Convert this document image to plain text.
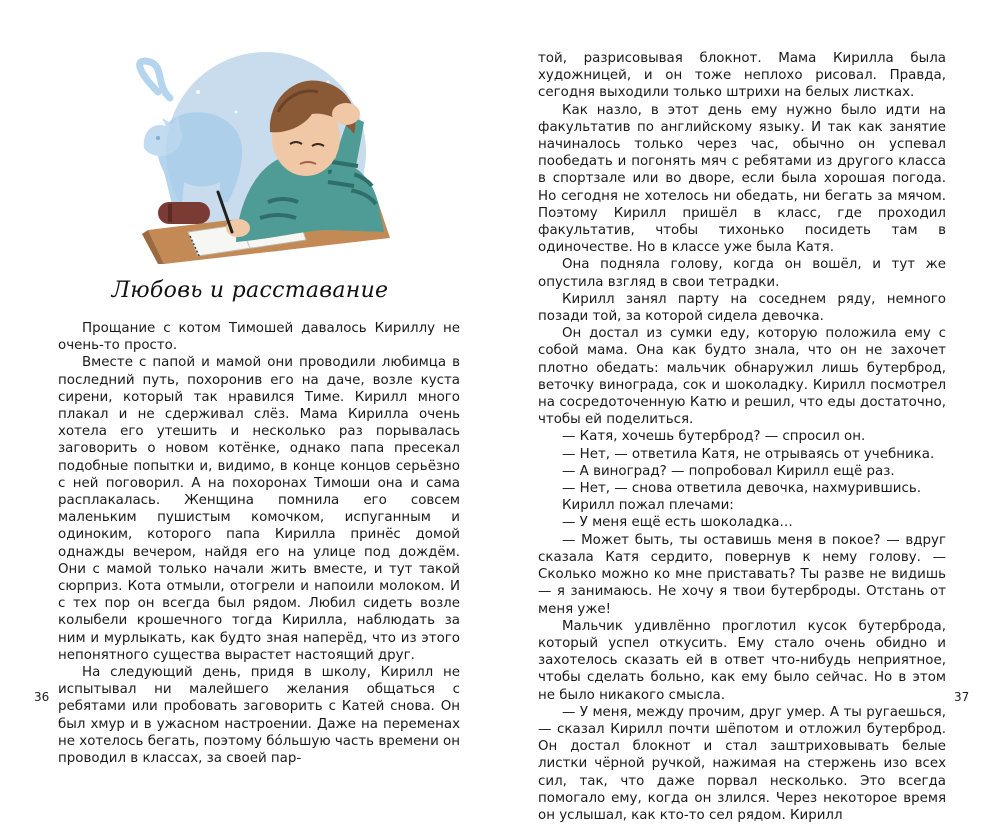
Любовь и расставание

Прощание с котом Тимошей давалось Кириллу не очень-то просто.

Вместе с папой и мамой они проводили любимца в последний путь, похоронив его на даче, возле куста сирени, который так нравился Тиме. Кирилл много плакал и не сдерживал слёз. Мама Кирилла очень хотела его утешить и несколько раз порывалась заговорить о новом котёнке, однако папа пресекал подобные попытки и, видимо, в конце концов серьёзно с ней поговорил. А на похоронах Тимоши она и сама расплакалась. Женщина помнила его совсем маленьким пушистым комочком, испуганным и одиноким, которого папа Кирилла принёс домой однажды вечером, найдя его на улице под дождём. Они с мамой только начали жить вместе, и тут такой сюрприз. Кота отмыли, отогрели и напоили молоком. И с тех пор он всегда был рядом. Любил сидеть возле колыбели крошечного тогда Кирилла, наблюдать за ним и мурлыкать, как будто зная наперёд, что из этого непонятного существа вырастет настоящий друг.

На следующий день, придя в школу, Кирилл не испытывал ни малейшего желания общаться с ребятами или пробовать заговорить с Катей снова. Он был хмур и в ужасном настроении. Даже на переменах не хотелось бегать, поэтому бóльшую часть времени он проводил в классах, за своей пар-

36

той, разрисовывая блокнот. Мама Кирилла была художницей, и он тоже неплохо рисовал. Правда, сегодня выходили только штрихи на белых листках.

Как назло, в этот день ему нужно было идти на факультатив по английскому языку. И так как занятие начиналось только через час, обычно он успевал пообедать и погонять мяч с ребятами из другого класса в спортзале или во дворе, если была хорошая погода. Но сегодня не хотелось ни обедать, ни бегать за мячом. Поэтому Кирилл пришёл в класс, где проходил факультатив, чтобы тихонько посидеть там в одиночестве. Но в классе уже была Катя.

Она подняла голову, когда он вошёл, и тут же опустила взгляд в свои тетрадки.

Кирилл занял парту на соседнем ряду, немного позади той, за которой сидела девочка.

Он достал из сумки еду, которую положила ему с собой мама. Она как будто знала, что он не захочет плотно обедать: мальчик обнаружил лишь бутерброд, веточку винограда, сок и шоколадку. Кирилл посмотрел на сосредоточенную Катю и решил, что еды достаточно, чтобы ей поделиться.

— Катя, хочешь бутерброд? — спросил он.

— Нет, — ответила Катя, не отрываясь от учебника.

— А виноград? — попробовал Кирилл ещё раз.

— Нет, — снова ответила девочка, нахмурившись.

Кирилл пожал плечами:

— У меня ещё есть шоколадка…

— Может быть, ты оставишь меня в покое? — вдруг сказала Катя сердито, повернув к нему голову. — Сколько можно ко мне приставать? Ты разве не видишь — я занимаюсь. Не хочу я твои бутерброды. Отстань от меня уже!

Мальчик удивлённо проглотил кусок бутерброда, который успел откусить. Ему стало очень обидно и захотелось сказать ей в ответ что-нибудь неприятное, чтобы сделать больно, как ему было сейчас. Но в этом не было никакого смысла.

— У меня, между прочим, друг умер. А ты ругаешься, — сказал Кирилл почти шёпотом и отложил бутерброд. Он достал блокнот и стал заштриховывать белые листки чёрной ручкой, нажимая на стержень изо всех сил, так, что даже порвал несколько. Это всегда помогало ему, когда он злился. Через некоторое время он услышал, как кто-то сел рядом. Кирилл

37
